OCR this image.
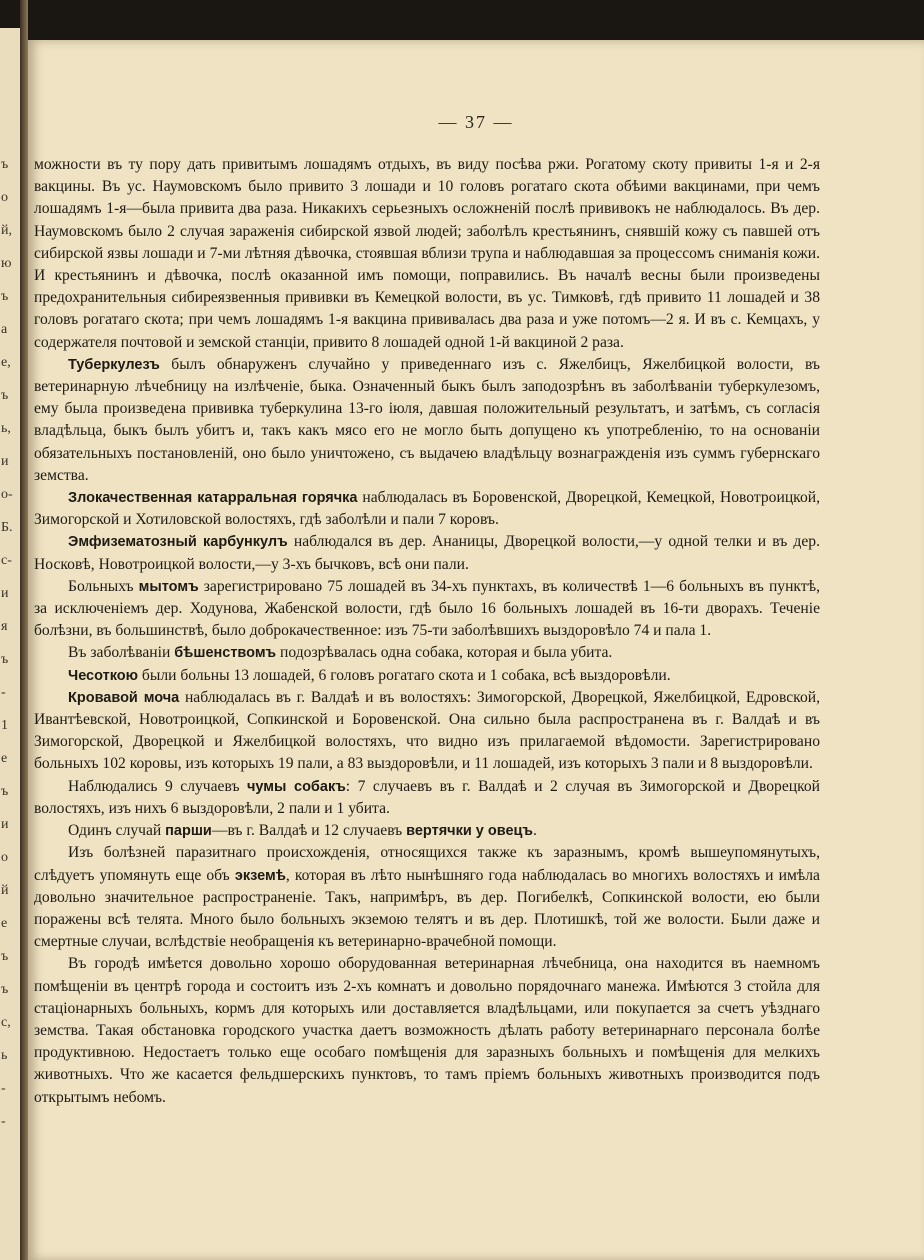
ъ
о
й,
ю
ъ
а
е,
ъ
ь,
и
о-
Б.
с-
и
я
ъ
-
1
е
ъ
и
о
й
е
ъ
ъ
с,
ь
-
-
— 37 —

можности въ ту пору дать привитымъ лошадямъ отдыхъ, въ виду посѣва ржи. Рогатому скоту привиты 1-я и 2-я вакцины. Въ ус. Наумовскомъ было привито 3 лошади и 10 головъ рогатаго скота обѣими вакцинами, при чемъ лошадямъ 1-я—была привита два раза. Никакихъ серьезныхъ осложненій послѣ прививокъ не наблюдалось. Въ дер. Наумовскомъ было 2 случая зараженія сибирской язвой людей; заболѣлъ крестьянинъ, снявшій кожу съ павшей отъ сибирской язвы лошади и 7-ми лѣтняя дѣвочка, стоявшая вблизи трупа и наблюдавшая за процессомъ сниманія кожи. И крестьянинъ и дѣвочка, послѣ оказанной имъ помощи, поправились. Въ началѣ весны были произведены предохранительныя сибиреязвенныя прививки въ Кемецкой волости, въ ус. Тимковѣ, гдѣ привито 11 лошадей и 38 головъ рогатаго скота; при чемъ лошадямъ 1-я вакцина прививалась два раза и уже потомъ—2 я. И въ с. Кемцахъ, у содержателя почтовой и земской станціи, привито 8 лошадей одной 1-й вакциной 2 раза.

Туберкулезъ былъ обнаруженъ случайно у приведеннаго изъ с. Яжелбицъ, Яжелбицкой волости, въ ветеринарную лѣчебницу на излѣченіе, быка. Означенный быкъ былъ заподозрѣнъ въ заболѣваніи туберкулезомъ, ему была произведена прививка туберкулина 13-го іюля, давшая положительный результатъ, и затѣмъ, съ согласія владѣльца, быкъ былъ убитъ и, такъ какъ мясо его не могло быть допущено къ употребленію, то на основаніи обязательныхъ постановленій, оно было уничтожено, съ выдачею владѣльцу вознагражденія изъ суммъ губернскаго земства.

Злокачественная катарральная горячка наблюдалась въ Боровенской, Дворецкой, Кемецкой, Новотроицкой, Зимогорской и Хотиловской волостяхъ, гдѣ заболѣли и пали 7 коровъ.

Эмфизематозный карбункулъ наблюдался въ дер. Ананицы, Дворецкой волости,—у одной телки и въ дер. Носковѣ, Новотроицкой волости,—у 3-хъ бычковъ, всѣ они пали.

Больныхъ мытомъ зарегистрировано 75 лошадей въ 34-хъ пунктахъ, въ количествѣ 1—6 больныхъ въ пунктѣ, за исключеніемъ дер. Ходунова, Жабенской волости, гдѣ было 16 больныхъ лошадей въ 16-ти дворахъ. Теченіе болѣзни, въ большинствѣ, было доброкачественное: изъ 75-ти заболѣвшихъ выздоровѣло 74 и пала 1.

Въ заболѣваніи бѣшенствомъ подозрѣвалась одна собака, которая и была убита.

Чесоткою были больны 13 лошадей, 6 головъ рогатаго скота и 1 собака, всѣ выздоровѣли.

Кровавой моча наблюдалась въ г. Валдаѣ и въ волостяхъ: Зимогорской, Дворецкой, Яжелбицкой, Едровской, Ивантѣевской, Новотроицкой, Сопкинской и Боровенской. Она сильно была распространена въ г. Валдаѣ и въ Зимогорской, Дворецкой и Яжелбицкой волостяхъ, что видно изъ прилагаемой вѣдомости. Зарегистрировано больныхъ 102 коровы, изъ которыхъ 19 пали, а 83 выздоровѣли, и 11 лошадей, изъ которыхъ 3 пали и 8 выздоровѣли.

Наблюдались 9 случаевъ чумы собакъ: 7 случаевъ въ г. Валдаѣ и 2 случая въ Зимогорской и Дворецкой волостяхъ, изъ нихъ 6 выздоровѣли, 2 пали и 1 убита.

Одинъ случай парши—въ г. Валдаѣ и 12 случаевъ вертячки у овецъ.

Изъ болѣзней паразитнаго происхожденія, относящихся также къ заразнымъ, кромѣ вышеупомянутыхъ, слѣдуетъ упомянуть еще объ экземѣ, которая въ лѣто нынѣшняго года наблюдалась во многихъ волостяхъ и имѣла довольно значительное распространеніе. Такъ, напримѣръ, въ дер. Погибелкѣ, Сопкинской волости, ею были поражены всѣ телята. Много было больныхъ экземою телятъ и въ дер. Плотишкѣ, той же волости. Были даже и смертные случаи, вслѣдствіе необращенія къ ветеринарно-врачебной помощи.

Въ городѣ имѣется довольно хорошо оборудованная ветеринарная лѣчебница, она находится въ наемномъ помѣщеніи въ центрѣ города и состоитъ изъ 2-хъ комнатъ и довольно порядочнаго манежа. Имѣются 3 стойла для стаціонарныхъ больныхъ, кормъ для которыхъ или доставляется владѣльцами, или покупается за счетъ уѣзднаго земства. Такая обстановка городского участка даетъ возможность дѣлать работу ветеринарнаго персонала болѣе продуктивною. Недостаетъ только еще особаго помѣщенія для заразныхъ больныхъ и помѣщенія для мелкихъ животныхъ. Что же касается фельдшерскихъ пунктовъ, то тамъ пріемъ больныхъ животныхъ производится подъ открытымъ небомъ.
